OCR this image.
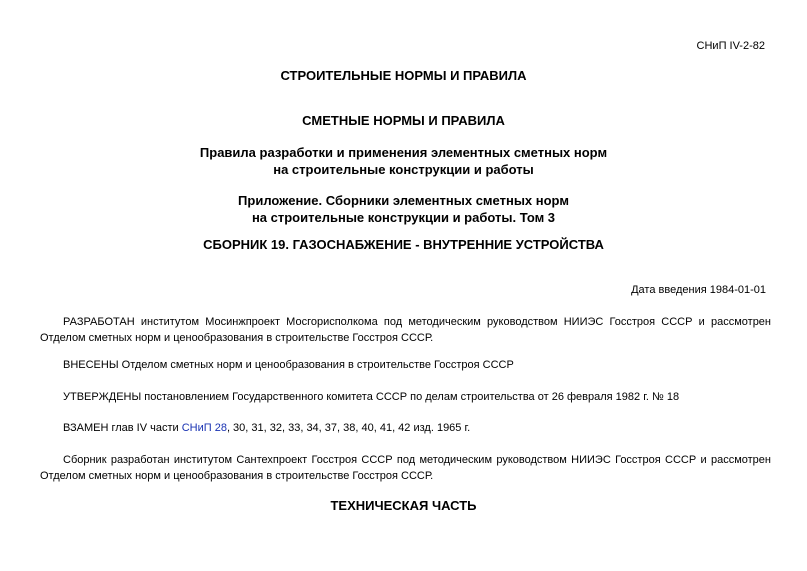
СНиП IV-2-82
СТРОИТЕЛЬНЫЕ НОРМЫ И ПРАВИЛА
СМЕТНЫЕ НОРМЫ И ПРАВИЛА
Правила разработки и применения элементных сметных норм
на строительные конструкции и работы
Приложение. Сборники элементных сметных норм
на строительные конструкции и работы. Том 3
СБОРНИК 19. ГАЗОСНАБЖЕНИЕ - ВНУТРЕННИЕ УСТРОЙСТВА
Дата введения 1984-01-01
РАЗРАБОТАН институтом Мосинжпроект Мосгорисполкома под методическим руководством НИИЭС Госстроя СССР и рассмотрен
Отделом сметных норм и ценообразования в строительстве Госстроя СССР.
ВНЕСЕНЫ Отделом сметных норм и ценообразования в строительстве Госстроя СССР
УТВЕРЖДЕНЫ постановлением Государственного комитета СССР по делам строительства от 26 февраля 1982 г. № 18
ВЗАМЕН глав IV части СНиП 28, 30, 31, 32, 33, 34, 37, 38, 40, 41, 42 изд. 1965 г.
Сборник разработан институтом Сантехпроект Госстроя СССР под методическим руководством НИИЭС Госстроя СССР и рассмотрен
Отделом сметных норм и ценообразования в строительстве Госстроя СССР.
ТЕХНИЧЕСКАЯ ЧАСТЬ
